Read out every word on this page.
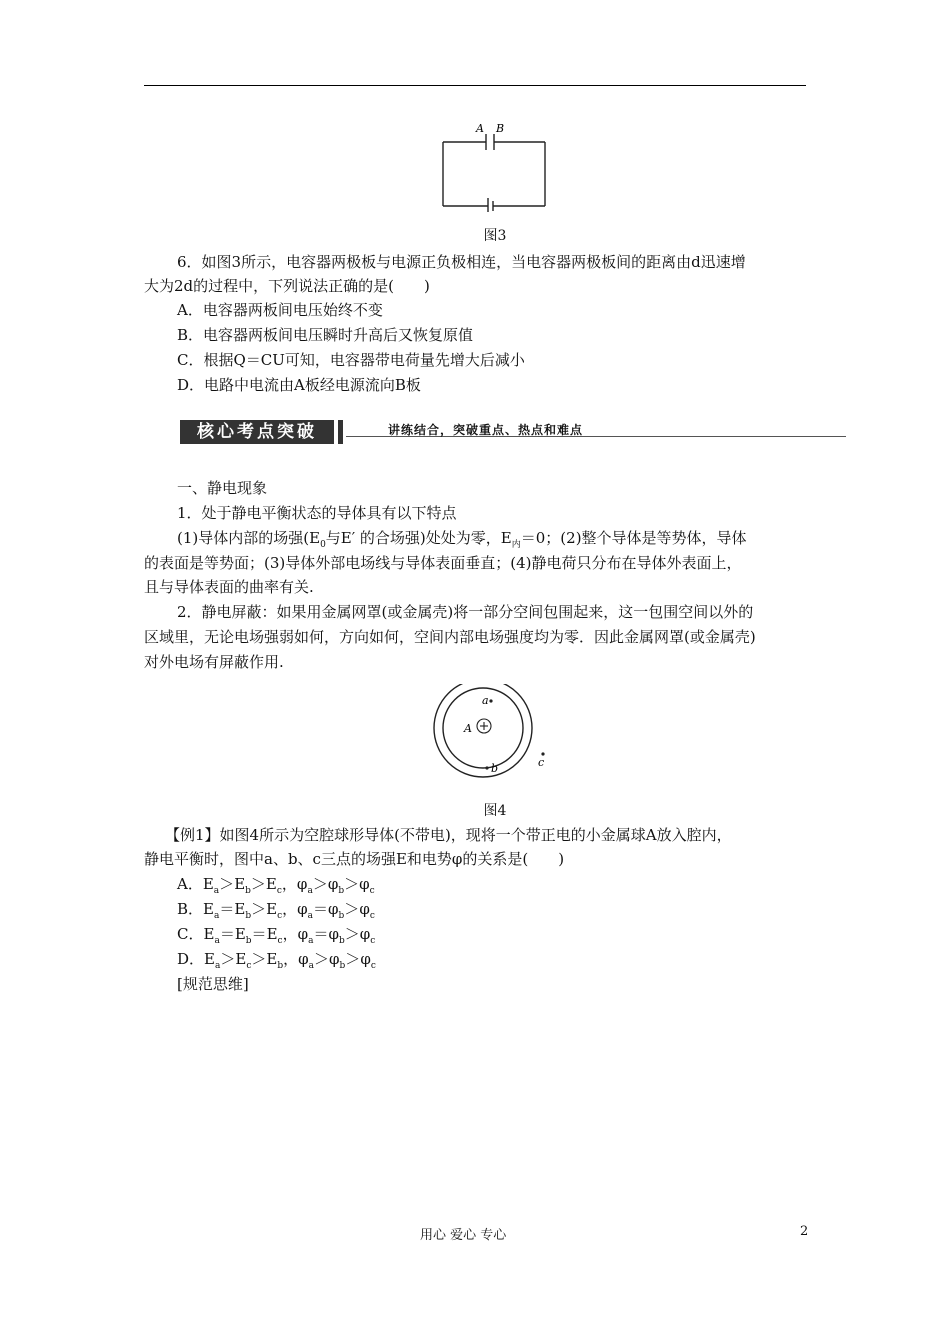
A B
图3
6．如图3所示，电容器两极板与电源正负极相连，当电容器两极板间的距离由d迅速增
大为2d的过程中，下列说法正确的是(　　)
A．电容器两板间电压始终不变
B．电容器两板间电压瞬时升高后又恢复原值
C．根据Q＝CU可知，电容器带电荷量先增大后减小
D．电路中电流由A板经电源流向B板
核心考点突破	讲练结合，突破重点、热点和难点
一、静电现象
1．处于静电平衡状态的导体具有以下特点
(1)导体内部的场强($E_0$与E′ 的合场强)处处为零，$E_内=0$；(2)整个导体是等势体，导体
的表面是等势面；(3)导体外部电场线与导体表面垂直；(4)静电荷只分布在导体外表面上，
且与导体表面的曲率有关.
2．静电屏蔽：如果用金属网罩(或金属壳)将一部分空间包围起来，这一包围空间以外的
区域里，无论电场强弱如何，方向如何，空间内部电场强度均为零．因此金属网罩(或金属壳)
对外电场有屏蔽作用.
a
A
b	c
图4
【例1】如图4所示为空腔球形导体(不带电)，现将一个带正电的小金属球A放入腔内，
静电平衡时，图中a、b、c三点的场强E和电势φ的关系是(　　)
A．$E_a>E_b>E_c$，$\varphi_a>\varphi_b>\varphi_c$
B．$E_a=E_b>E_c$，$\varphi_a=\varphi_b>\varphi_c$
C．$E_a=E_b=E_c$，$\varphi_a=\varphi_b>\varphi_c$
D．$E_a>E_c>E_b$，$\varphi_a>\varphi_b>\varphi_c$
[规范思维]
用心 爱心 专心	2
